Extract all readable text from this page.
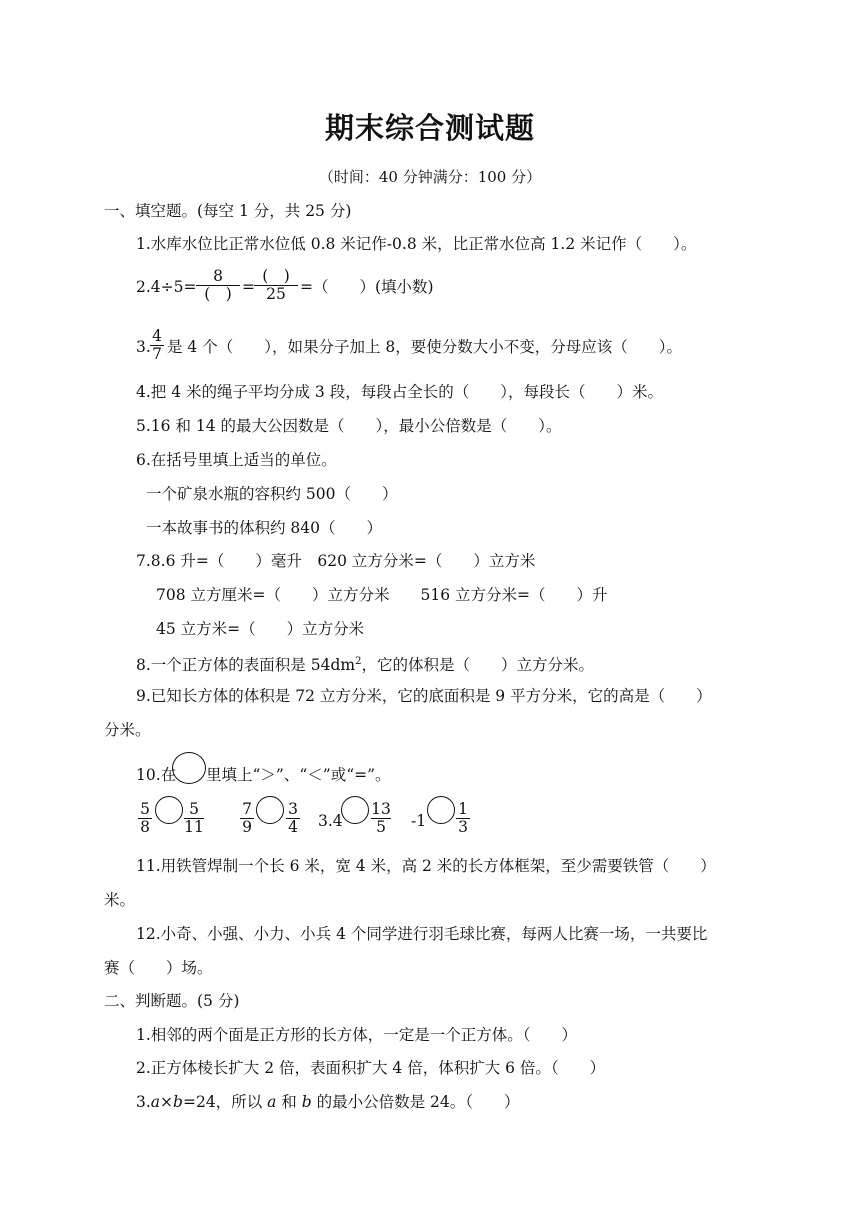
期末综合测试题
（时间：40 分钟满分：100 分）
一、填空题。(每空 1 分，共 25 分)
1.水库水位比正常水位低 0.8 米记作-0.8 米，比正常水位高 1.2 米记作（　　）。
2.4÷5=
8
(　) =
(　)
25 =（　　）(填小数)
3.
4
7 是 4 个（　　），如果分子加上 8，要使分数大小不变，分母应该（　　）。
4.把 4 米的绳子平均分成 3 段，每段占全长的（　　），每段长（　　）米。
5.16 和 14 的最大公因数是（　　），最小公倍数是（　　）。
6.在括号里填上适当的单位。
一个矿泉水瓶的容积约 500（　　）
一本故事书的体积约 840（　　）
7.8.6 升=（　　）毫升　620 立方分米=（　　）立方米
708 立方厘米=（　　）立方分米　　516 立方分米=（　　）升
45 立方米=（　　）立方分米
8.一个正方体的表面积是 $54dm^2$，它的体积是（　　）立方分米。
9.已知长方体的体积是 72 立方分米，它的底面积是 9 平方分米，它的高是（　　）
分米。
10.在 里填上“＞”、“＜”或“=”。
5
8
5
11
7
9
3
4 3.4
13
5	-1
1
3
11.用铁管焊制一个长 6 米，宽 4 米，高 2 米的长方体框架，至少需要铁管（　　）
米。
12.小奇、小强、小力、小兵 4 个同学进行羽毛球比赛，每两人比赛一场，一共要比
赛（　　）场。
二、判断题。(5 分)
1.相邻的两个面是正方形的长方体，一定是一个正方体。（　　）
2.正方体棱长扩大 2 倍，表面积扩大 4 倍，体积扩大 6 倍。（　　）
3.a×b=24，所以 a 和 b 的最小公倍数是 24。（　　）
